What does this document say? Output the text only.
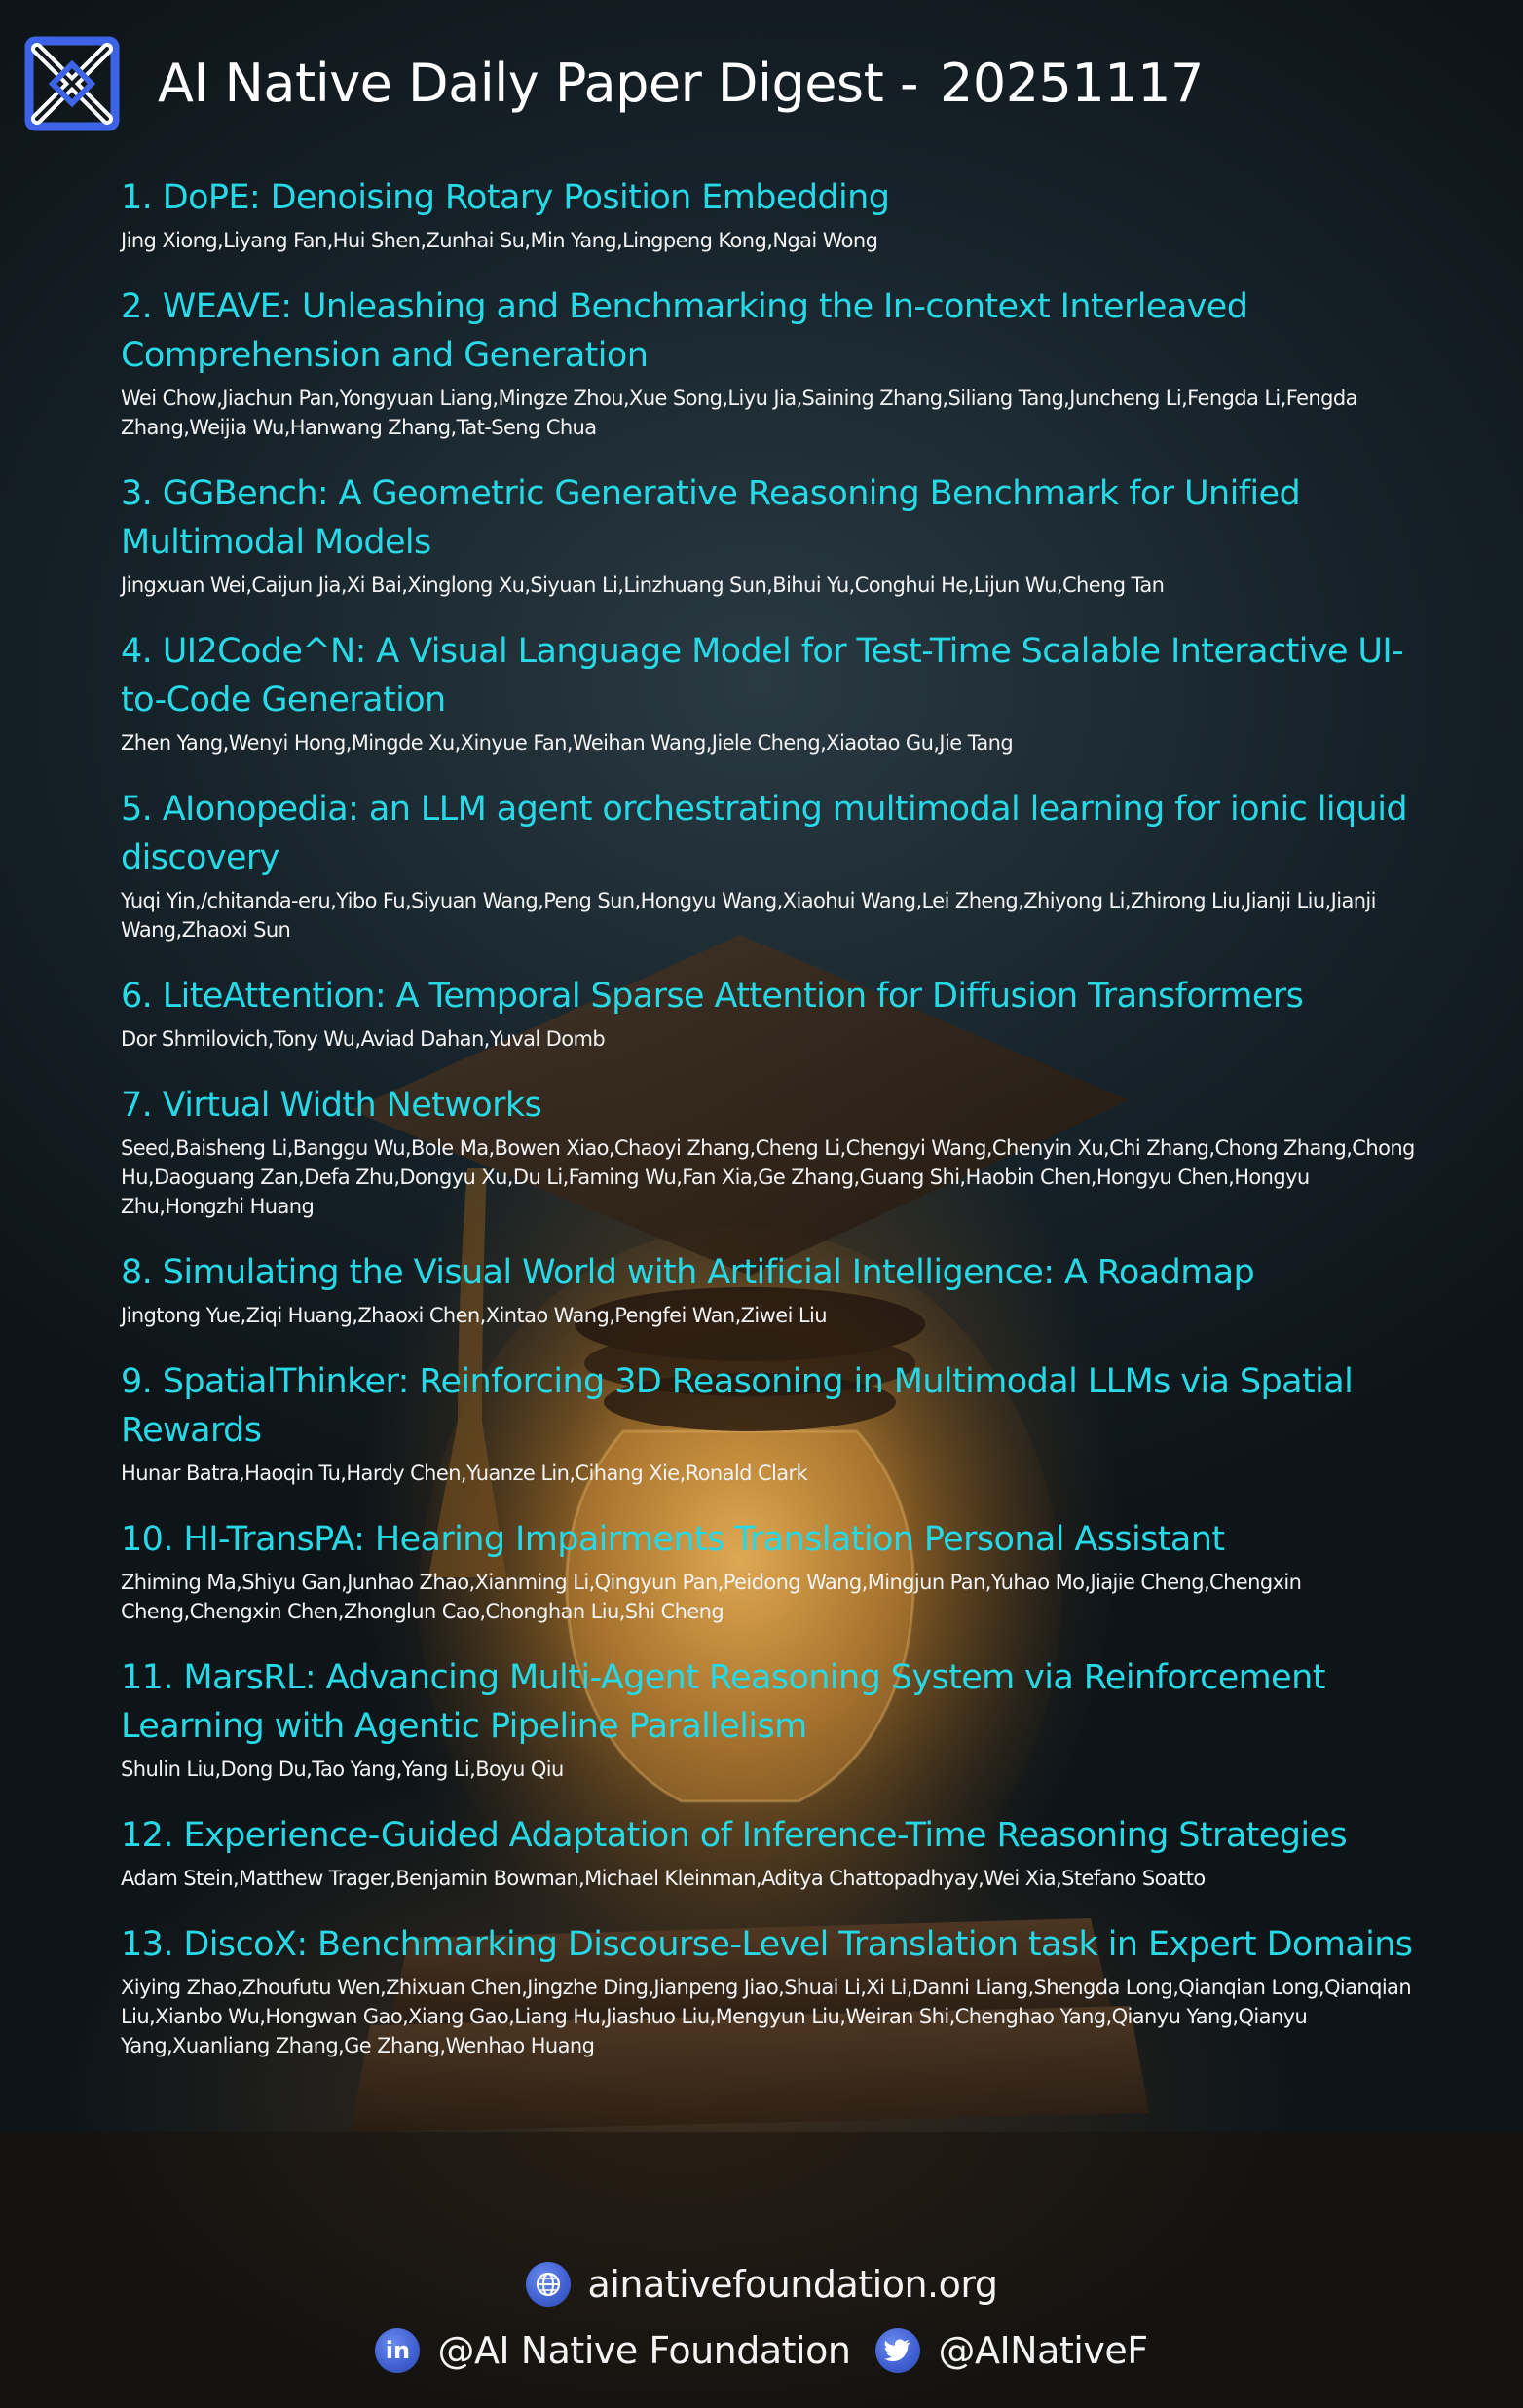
AI Native Daily Paper Digest - 20251117
1. DoPE: Denoising Rotary Position Embedding
Jing Xiong,Liyang Fan,Hui Shen,Zunhai Su,Min Yang,Lingpeng Kong,Ngai Wong
2. WEAVE: Unleashing and Benchmarking the In-context Interleaved Comprehension and Generation
Wei Chow,Jiachun Pan,Yongyuan Liang,Mingze Zhou,Xue Song,Liyu Jia,Saining Zhang,Siliang Tang,Juncheng Li,Fengda Li,Fengda Zhang,Weijia Wu,Hanwang Zhang,Tat-Seng Chua
3. GGBench: A Geometric Generative Reasoning Benchmark for Unified Multimodal Models
Jingxuan Wei,Caijun Jia,Xi Bai,Xinglong Xu,Siyuan Li,Linzhuang Sun,Bihui Yu,Conghui He,Lijun Wu,Cheng Tan
4. UI2Code^N: A Visual Language Model for Test-Time Scalable Interactive UI-to-Code Generation
Zhen Yang,Wenyi Hong,Mingde Xu,Xinyue Fan,Weihan Wang,Jiele Cheng,Xiaotao Gu,Jie Tang
5. AIonopedia: an LLM agent orchestrating multimodal learning for ionic liquid discovery
Yuqi Yin,/chitanda-eru,Yibo Fu,Siyuan Wang,Peng Sun,Hongyu Wang,Xiaohui Wang,Lei Zheng,Zhiyong Li,Zhirong Liu,Jianji Liu,Jianji Wang,Zhaoxi Sun
6. LiteAttention: A Temporal Sparse Attention for Diffusion Transformers
Dor Shmilovich,Tony Wu,Aviad Dahan,Yuval Domb
7. Virtual Width Networks
Seed,Baisheng Li,Banggu Wu,Bole Ma,Bowen Xiao,Chaoyi Zhang,Cheng Li,Chengyi Wang,Chenyin Xu,Chi Zhang,Chong Zhang,Chong Hu,Daoguang Zan,Defa Zhu,Dongyu Xu,Du Li,Faming Wu,Fan Xia,Ge Zhang,Guang Shi,Haobin Chen,Hongyu Chen,Hongyu Zhu,Hongzhi Huang
8. Simulating the Visual World with Artificial Intelligence: A Roadmap
Jingtong Yue,Ziqi Huang,Zhaoxi Chen,Xintao Wang,Pengfei Wan,Ziwei Liu
9. SpatialThinker: Reinforcing 3D Reasoning in Multimodal LLMs via Spatial Rewards
Hunar Batra,Haoqin Tu,Hardy Chen,Yuanze Lin,Cihang Xie,Ronald Clark
10. HI-TransPA: Hearing Impairments Translation Personal Assistant
Zhiming Ma,Shiyu Gan,Junhao Zhao,Xianming Li,Qingyun Pan,Peidong Wang,Mingjun Pan,Yuhao Mo,Jiajie Cheng,Chengxin Cheng,Chengxin Chen,Zhonglun Cao,Chonghan Liu,Shi Cheng
11. MarsRL: Advancing Multi-Agent Reasoning System via Reinforcement Learning with Agentic Pipeline Parallelism
Shulin Liu,Dong Du,Tao Yang,Yang Li,Boyu Qiu
12. Experience-Guided Adaptation of Inference-Time Reasoning Strategies
Adam Stein,Matthew Trager,Benjamin Bowman,Michael Kleinman,Aditya Chattopadhyay,Wei Xia,Stefano Soatto
13. DiscoX: Benchmarking Discourse-Level Translation task in Expert Domains
Xiying Zhao,Zhoufutu Wen,Zhixuan Chen,Jingzhe Ding,Jianpeng Jiao,Shuai Li,Xi Li,Danni Liang,Shengda Long,Qianqian Long,Qianqian Liu,Xianbo Wu,Hongwan Gao,Xiang Gao,Liang Hu,Jiashuo Liu,Mengyun Liu,Weiran Shi,Chenghao Yang,Qianyu Yang,Qianyu Yang,Xuanliang Zhang,Ge Zhang,Wenhao Huang
ainativefoundation.org
in @AI Native Foundation @AINativeF
